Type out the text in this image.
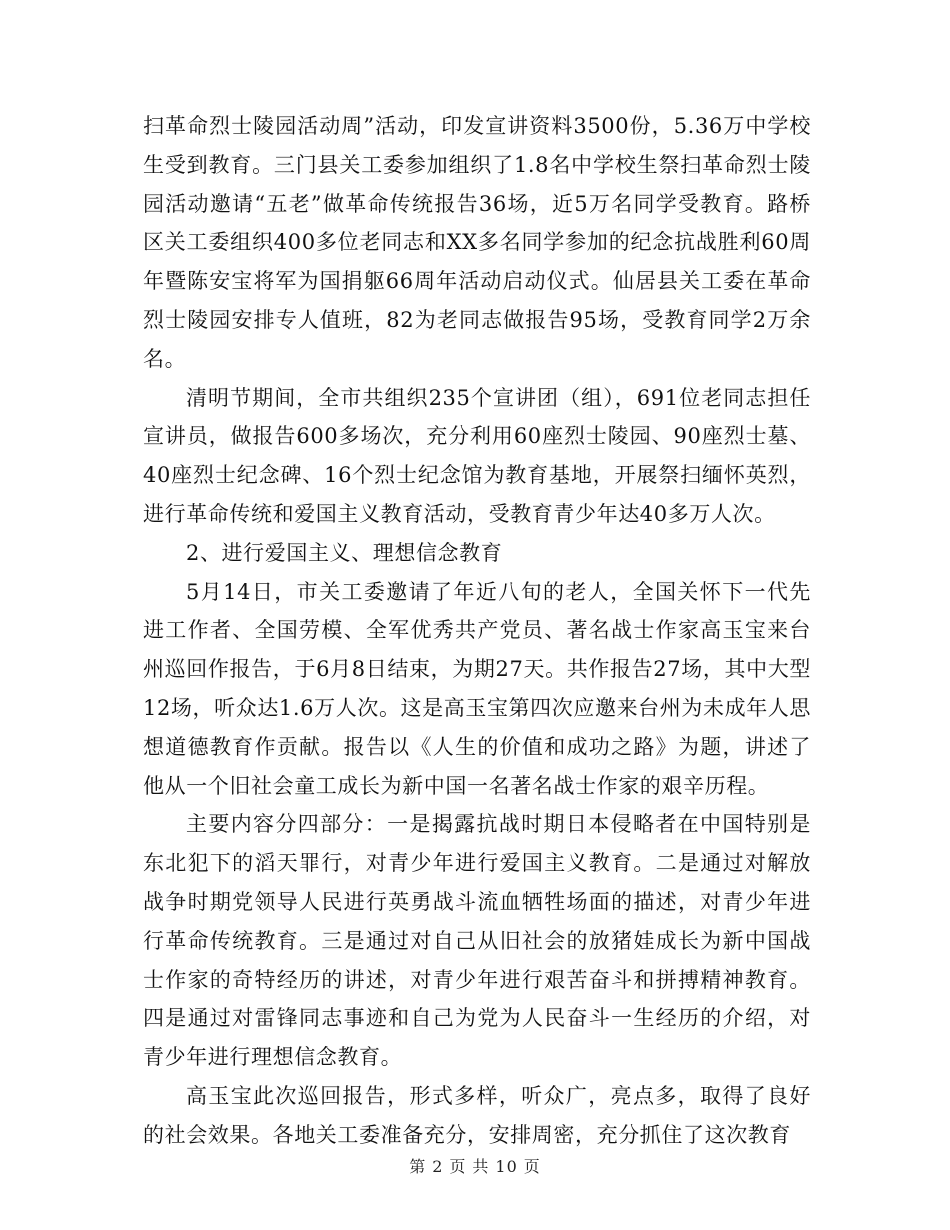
扫革命烈士陵园活动周”活动，印发宣讲资料3500份，5.36万中学校生受到教育。三门县关工委参加组织了1.8名中学校生祭扫革命烈士陵园活动邀请“五老”做革命传统报告36场，近5万名同学受教育。路桥区关工委组织400多位老同志和XX多名同学参加的纪念抗战胜利60周年暨陈安宝将军为国捐躯66周年活动启动仪式。仙居县关工委在革命烈士陵园安排专人值班，82为老同志做报告95场，受教育同学2万余名。

清明节期间，全市共组织235个宣讲团（组），691位老同志担任宣讲员，做报告600多场次，充分利用60座烈士陵园、90座烈士墓、40座烈士纪念碑、16个烈士纪念馆为教育基地，开展祭扫缅怀英烈，进行革命传统和爱国主义教育活动，受教育青少年达40多万人次。

2、进行爱国主义、理想信念教育

5月14日，市关工委邀请了年近八旬的老人，全国关怀下一代先进工作者、全国劳模、全军优秀共产党员、著名战士作家高玉宝来台州巡回作报告，于6月8日结束，为期27天。共作报告27场，其中大型12场，听众达1.6万人次。这是高玉宝第四次应邀来台州为未成年人思想道德教育作贡献。报告以《人生的价值和成功之路》为题，讲述了他从一个旧社会童工成长为新中国一名著名战士作家的艰辛历程。

主要内容分四部分：一是揭露抗战时期日本侵略者在中国特别是东北犯下的滔天罪行，对青少年进行爱国主义教育。二是通过对解放战争时期党领导人民进行英勇战斗流血牺牲场面的描述，对青少年进行革命传统教育。三是通过对自己从旧社会的放猪娃成长为新中国战士作家的奇特经历的讲述，对青少年进行艰苦奋斗和拼搏精神教育。四是通过对雷锋同志事迹和自己为党为人民奋斗一生经历的介绍，对青少年进行理想信念教育。

高玉宝此次巡回报告，形式多样，听众广，亮点多，取得了良好的社会效果。各地关工委准备充分，安排周密，充分抓住了这次教育

第 2 页 共 10 页
